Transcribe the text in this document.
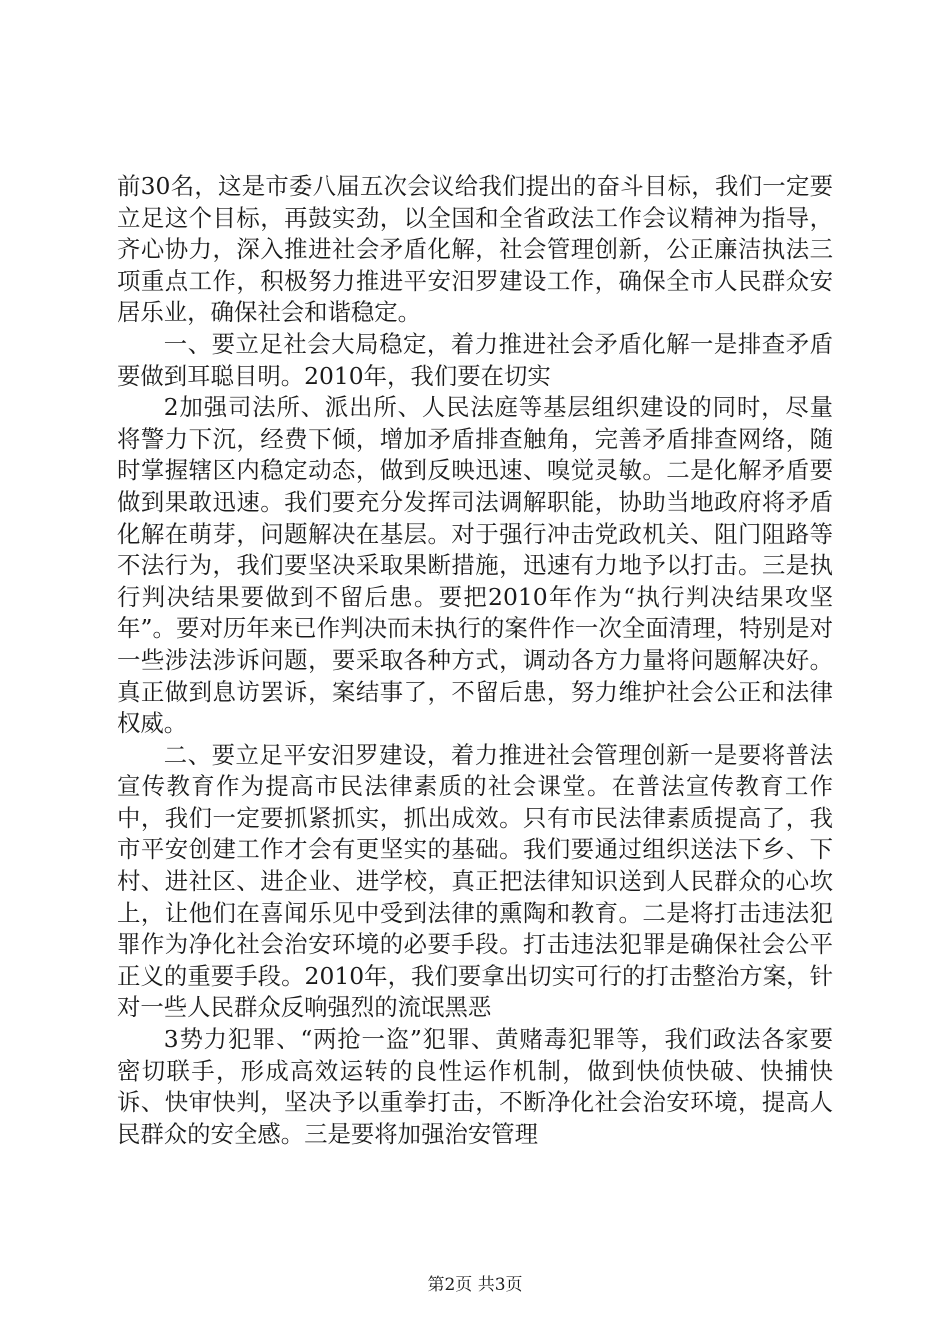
前30名，这是市委八届五次会议给我们提出的奋斗目标，我们一定要立足这个目标，再鼓实劲，以全国和全省政法工作会议精神为指导，齐心协力，深入推进社会矛盾化解，社会管理创新，公正廉洁执法三项重点工作，积极努力推进平安汨罗建设工作，确保全市人民群众安居乐业，确保社会和谐稳定。

一、要立足社会大局稳定，着力推进社会矛盾化解一是排查矛盾要做到耳聪目明。2010年，我们要在切实

2加强司法所、派出所、人民法庭等基层组织建设的同时，尽量将警力下沉，经费下倾，增加矛盾排查触角，完善矛盾排查网络，随时掌握辖区内稳定动态，做到反映迅速、嗅觉灵敏。二是化解矛盾要做到果敢迅速。我们要充分发挥司法调解职能，协助当地政府将矛盾化解在萌芽，问题解决在基层。对于强行冲击党政机关、阻门阻路等不法行为，我们要坚决采取果断措施，迅速有力地予以打击。三是执行判决结果要做到不留后患。要把2010年作为“执行判决结果攻坚年”。要对历年来已作判决而未执行的案件作一次全面清理，特别是对一些涉法涉诉问题，要采取各种方式，调动各方力量将问题解决好。真正做到息访罢诉，案结事了，不留后患，努力维护社会公正和法律权威。

二、要立足平安汨罗建设，着力推进社会管理创新一是要将普法宣传教育作为提高市民法律素质的社会课堂。在普法宣传教育工作中，我们一定要抓紧抓实，抓出成效。只有市民法律素质提高了，我市平安创建工作才会有更坚实的基础。我们要通过组织送法下乡、下村、进社区、进企业、进学校，真正把法律知识送到人民群众的心坎上，让他们在喜闻乐见中受到法律的熏陶和教育。二是将打击违法犯罪作为净化社会治安环境的必要手段。打击违法犯罪是确保社会公平正义的重要手段。2010年，我们要拿出切实可行的打击整治方案，针对一些人民群众反响强烈的流氓黑恶

3势力犯罪、“两抢一盗”犯罪、黄赌毒犯罪等，我们政法各家要密切联手，形成高效运转的良性运作机制，做到快侦快破、快捕快诉、快审快判，坚决予以重拳打击，不断净化社会治安环境，提高人民群众的安全感。三是要将加强治安管理

第2页 共3页
